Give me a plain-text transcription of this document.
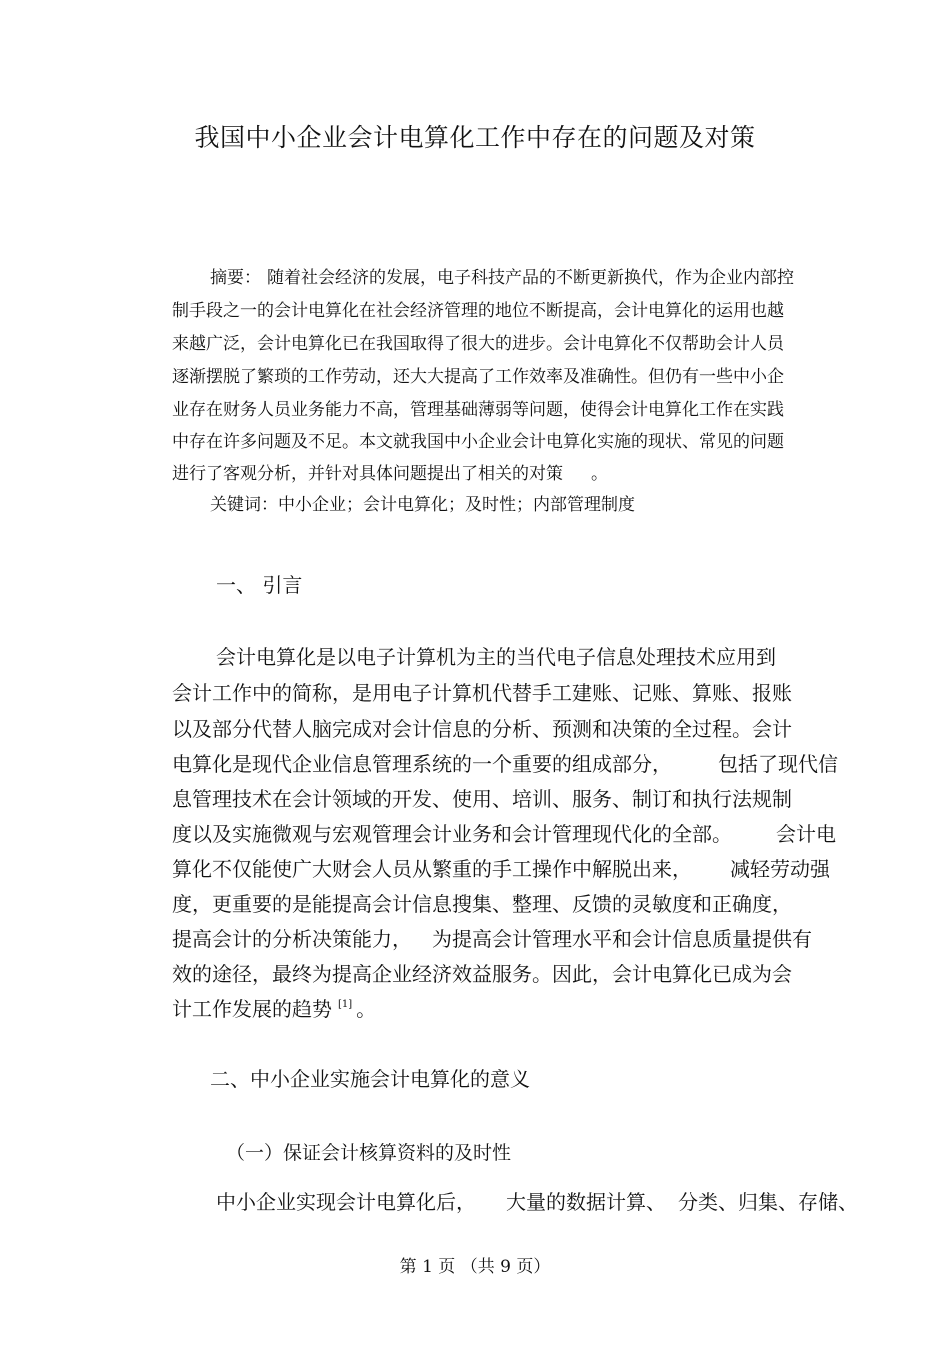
我国中小企业会计电算化工作中存在的问题及对策
摘要： 随着社会经济的发展，电子科技产品的不断更新换代，作为企业内部控
制手段之一的会计电算化在社会经济管理的地位不断提高，会计电算化的运用也越
来越广泛，会计电算化已在我国取得了很大的进步。会计电算化不仅帮助会计人员
逐渐摆脱了繁琐的工作劳动，还大大提高了工作效率及准确性。但仍有一些中小企
业存在财务人员业务能力不高，管理基础薄弱等问题，使得会计电算化工作在实践
中存在许多问题及不足。本文就我国中小企业会计电算化实施的现状、常见的问题
进行了客观分析，并针对具体问题提出了相关的对策 。
关键词：中小企业；会计电算化；及时性；内部管理制度
一、 引言
会计电算化是以电子计算机为主的当代电子信息处理技术应用到
会计工作中的简称，是用电子计算机代替手工建账、记账、算账、报账
以及部分代替人脑完成对会计信息的分析、预测和决策的全过程。会计
电算化是现代企业信息管理系统的一个重要的组成部分， 包括了现代信
息管理技术在会计领域的开发、使用、培训、服务、制订和执行法规制
度以及实施微观与宏观管理会计业务和会计管理现代化的全部。 会计电
算化不仅能使广大财会人员从繁重的手工操作中解脱出来， 减轻劳动强
度，更重要的是能提高会计信息搜集、整理、反馈的灵敏度和正确度，
提高会计的分析决策能力， 为提高会计管理水平和会计信息质量提供有
效的途径，最终为提高企业经济效益服务。因此，会计电算化已成为会
计工作发展的趋势 [1] 。
二、中小企业实施会计电算化的意义
（一）保证会计核算资料的及时性
中小企业实现会计电算化后， 大量的数据计算、 分类、归集、存储、
第 1 页 （共 9 页）
